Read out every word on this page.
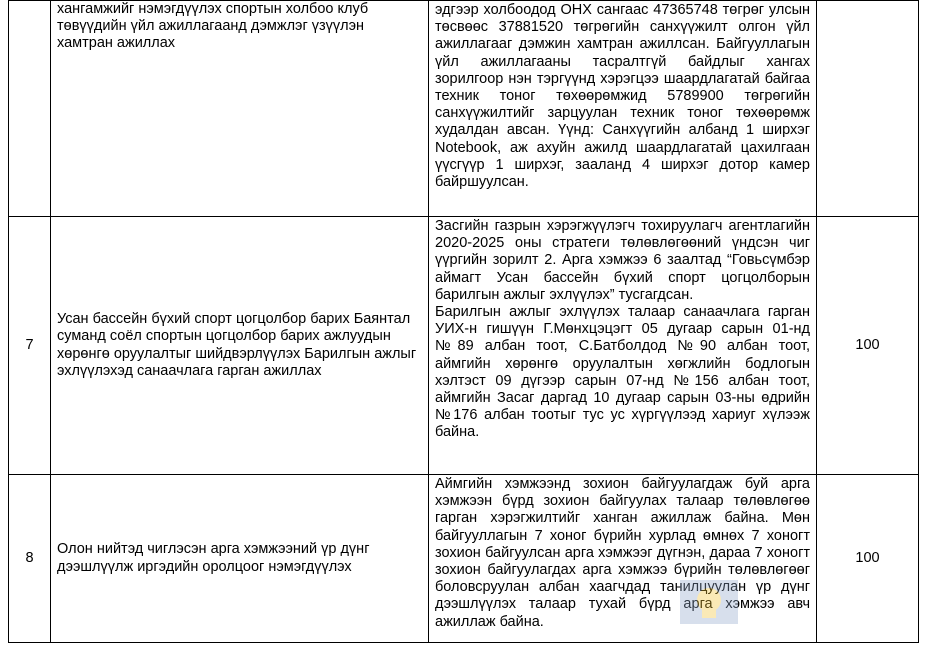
	хангамжийг нэмэгдүүлэх спортын холбоо клуб төвүүдийн үйл ажиллагаанд дэмжлэг үзүүлэн хамтран ажиллах	эдгээр холбоодод ОНХ сангаас 47365748 төгрөг улсын төсвөөс 37881520 төгрөгийн санхүүжилт олгон үйл ажиллагааг дэмжин хамтран ажиллсан. Байгууллагын үйл ажиллагааны тасралтгүй байдлыг хангах зорилгоор нэн тэргүүнд хэрэгцээ шаардлагатай байгаа техник тоног төхөөрөмжид 5789900 төгрөгийн санхүүжилтийг зарцуулан техник тоног төхөөрөмж худалдан авсан. Үүнд: Санхүүгийн албанд 1 ширхэг Notebook, аж ахуйн ажилд шаардлагатай цахилгаан үүсгүүр 1 ширхэг, зааланд 4 ширхэг дотор камер байршуулсан.	

7	Усан бассейн бүхий спорт цогцолбор барих Баянтал суманд соёл спортын цогцолбор барих ажлуудын хөрөнгө оруулалтыг шийдвэрлүүлэх Барилгын ажлыг эхлүүлэхэд санаачлага гарган ажиллах	Засгийн газрын хэрэгжүүлэгч тохируулагч агентлагийн 2020-2025 оны стратеги төлөвлөгөөний үндсэн чиг үүргийн зорилт 2. Арга хэмжээ 6 заалтад “Говьсүмбэр аймагт Усан бассейн бүхий спорт цогцолборын барилгын ажлыг эхлүүлэх” тусгагдсан.

Барилгын ажлыг эхлүүлэх талаар санаачлага гарган УИХ-н гишүүн Г.Мөнхцэцэгт 05 дугаар сарын 01-нд №89 албан тоот, С.Батболдод №90 албан тоот, аймгийн хөрөнгө оруулалтын хөгжлийн бодлогын хэлтэст 09 дүгээр сарын 07-нд №156 албан тоот, аймгийн Засаг даргад 10 дугаар сарын 03-ны өдрийн №176 албан тоотыг тус ус хүргүүлээд хариуг хүлээж байна.	100
8	Олон нийтэд чиглэсэн арга хэмжээний үр дүнг дээшлүүлж иргэдийн оролцоог нэмэгдүүлэх	Аймгийн хэмжээнд зохион байгуулагдаж буй арга хэмжээн бүрд зохион байгуулах талаар төлөвлөгөө гарган хэрэгжилтийг ханган ажиллаж байна. Мөн байгууллагын 7 хоног бүрийн хурлад өмнөх 7 хоногт зохион байгуулсан арга хэмжээг дүгнэн, дараа 7 хоногт зохион байгуулагдах арга хэмжээ бүрийн төлөвлөгөөг боловсруулан албан хаагчдад танилцуулан үр дүнг дээшлүүлэх талаар тухай бүрд арга хэмжээ авч ажиллаж байна.	100
